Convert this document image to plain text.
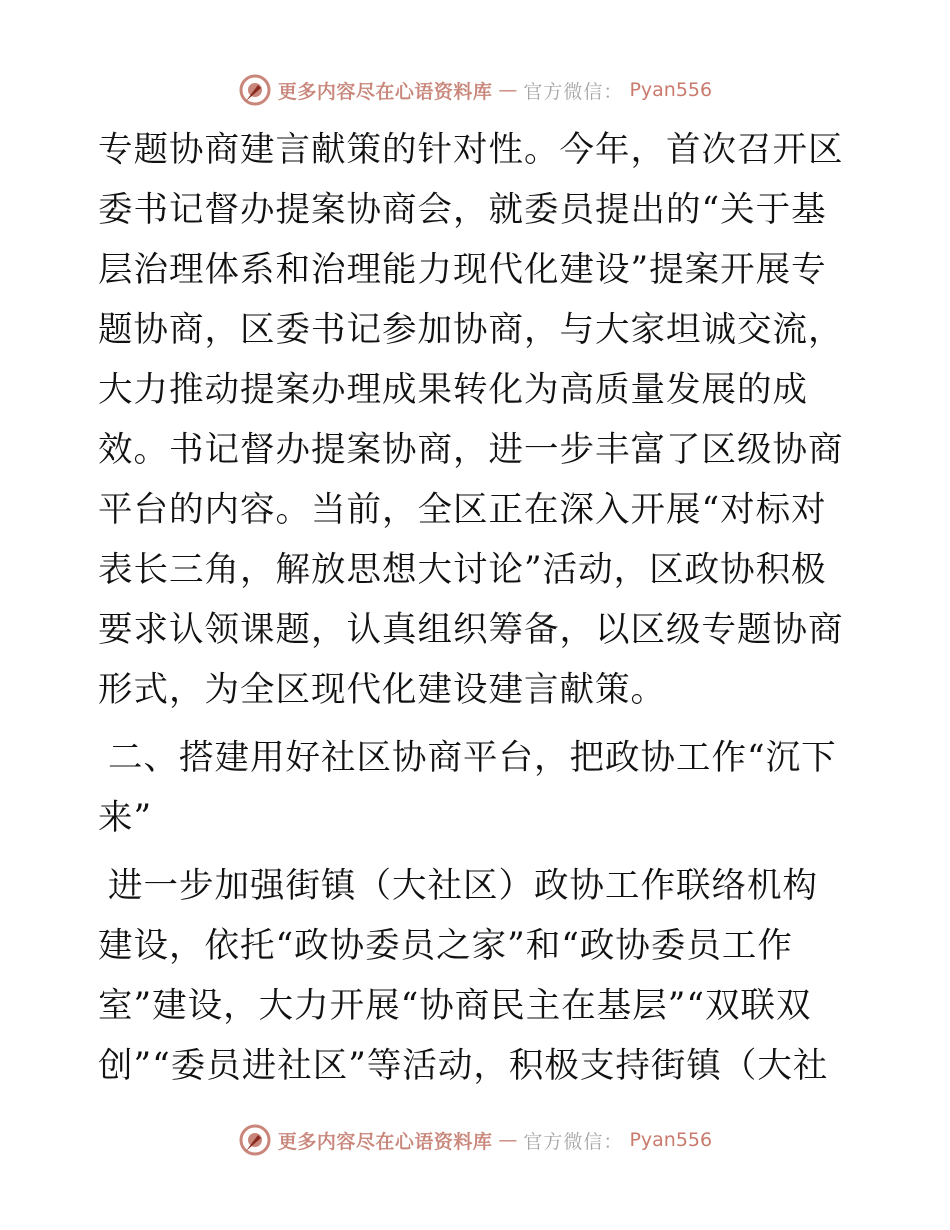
更多内容尽在心语资料库 — 官方微信： Pyan556

专题协商建言献策的针对性。今年，首次召开区委书记督办提案协商会，就委员提出的“关于基层治理体系和治理能力现代化建设”提案开展专题协商，区委书记参加协商，与大家坦诚交流，大力推动提案办理成果转化为高质量发展的成效。书记督办提案协商，进一步丰富了区级协商平台的内容。当前，全区正在深入开展“对标对表长三角，解放思想大讨论”活动，区政协积极要求认领课题，认真组织筹备，以区级专题协商形式，为全区现代化建设建言献策。

二、搭建用好社区协商平台，把政协工作“沉下来”

进一步加强街镇（大社区）政协工作联络机构建设，依托“政协委员之家”和“政协委员工作室”建设，大力开展“协商民主在基层”“双联双创”“委员进社区”等活动，积极支持街镇（大社

更多内容尽在心语资料库 — 官方微信： Pyan556
